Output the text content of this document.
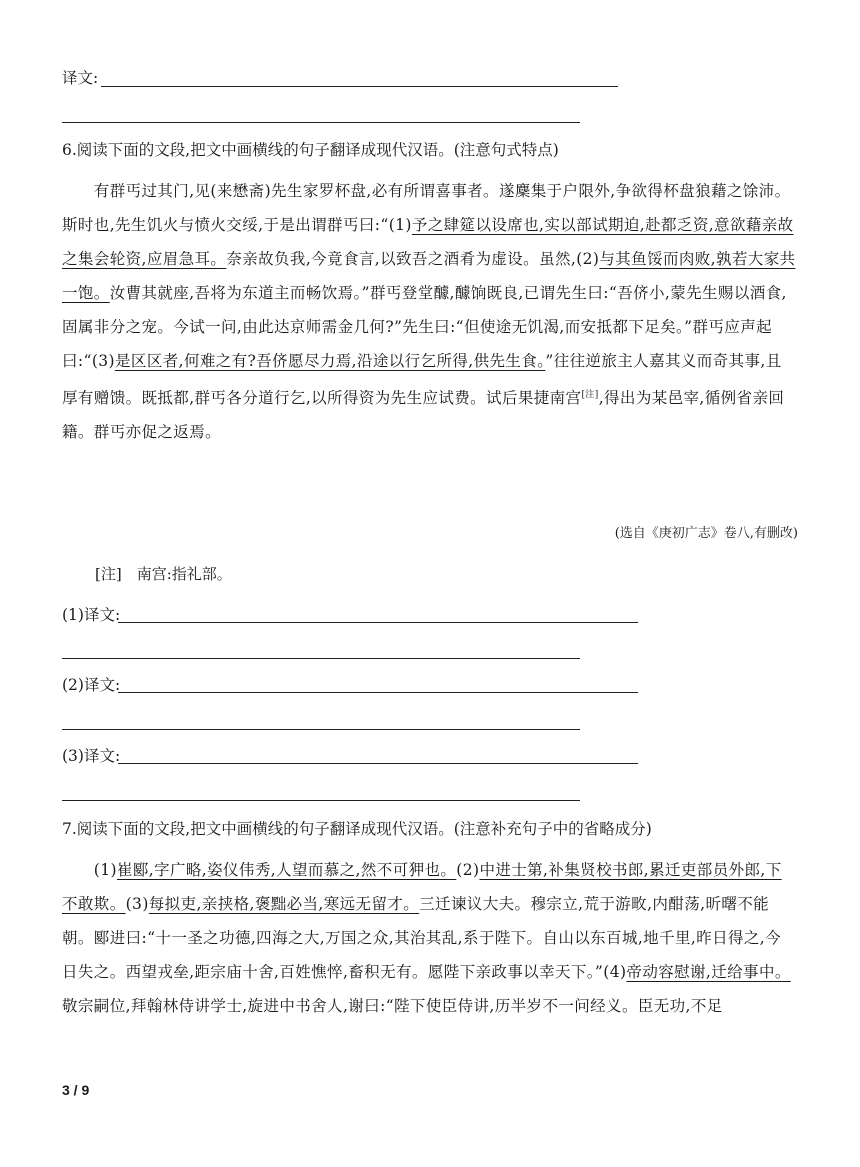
译文:
6.阅读下面的文段,把文中画横线的句子翻译成现代汉语。(注意句式特点)
　　有群丐过其门,见(来懋斋)先生家罗杯盘,必有所谓喜事者。遂麇集于户限外,争欲得杯盘狼藉之馀沛。斯时也,先生饥火与愤火交绥,于是出谓群丐曰:“(1)予之肆筵以设席也,实以部试期迫,赴都乏资,意欲藉亲故之集会轮资,应眉急耳。奈亲故负我,今竟食言,以致吾之酒肴为虚设。虽然,(2)与其鱼馁而肉败,孰若大家共一饱。汝曹其就座,吾将为东道主而畅饮焉。”群丐登堂醵,醵饷既良,已谓先生曰:“吾侪小,蒙先生赐以酒食,固属非分之宠。今试一问,由此达京师需金几何?”先生曰:“但使途无饥渴,而安抵都下足矣。”群丐应声起曰:“(3)是区区者,何难之有?吾侪愿尽力焉,沿途以行乞所得,供先生食。”往往逆旅主人嘉其义而奇其事,且厚有赠馈。既抵都,群丐各分道行乞,以所得资为先生应试费。试后果捷南宫[注],得出为某邑宰,循例省亲回籍。群丐亦促之返焉。
(选自《庚初广志》卷八,有删改)
[注]　南宫:指礼部。
(1)译文:
(2)译文:
(3)译文:
7.阅读下面的文段,把文中画横线的句子翻译成现代汉语。(注意补充句子中的省略成分)
　　(1)崔郾,字广略,姿仪伟秀,人望而慕之,然不可狎也。(2)中进士第,补集贤校书郎,累迁吏部员外郎,下不敢欺。(3)每拟吏,亲挟格,褒黜必当,寒远无留才。三迁谏议大夫。穆宗立,荒于游畋,内酣荡,昕曙不能朝。郾进曰:“十一圣之功德,四海之大,万国之众,其治其乱,系于陛下。自山以东百城,地千里,昨日得之,今日失之。西望戎垒,距宗庙十舍,百姓憔悴,畜积无有。愿陛下亲政事以幸天下。”(4)帝动容慰谢,迁给事中。敬宗嗣位,拜翰林侍讲学士,旋进中书舍人,谢曰:“陛下使臣侍讲,历半岁不一问经义。臣无功,不足
3 / 9
